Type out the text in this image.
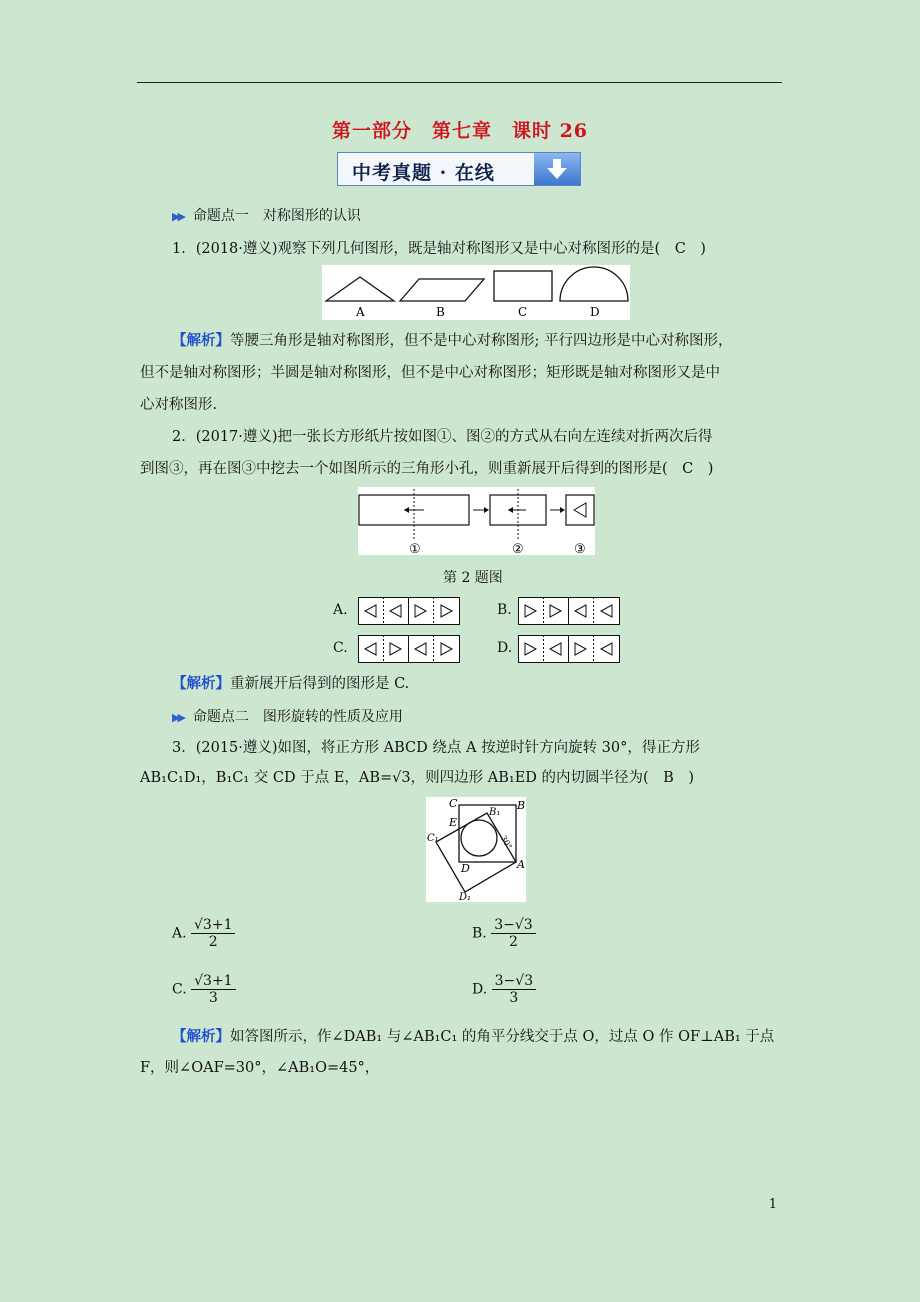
第一部分　第七章　课时 26
中考真题 · 在线
▶▶ 命题点一　对称图形的认识
1．(2018·遵义)观察下列几何图形，既是轴对称图形又是中心对称图形的是(　C　)
A	B	C	D
【解析】等腰三角形是轴对称图形，但不是中心对称图形; 平行四边形是中心对称图形，
但不是轴对称图形；半圆是轴对称图形，但不是中心对称图形；矩形既是轴对称图形又是中
心对称图形.
2．(2017·遵义)把一张长方形纸片按如图①、图②的方式从右向左连续对折两次后得
到图③，再在图③中挖去一个如图所示的三角形小孔，则重新展开后得到的图形是(　C　)
①	②	③
第 2 题图
A.	B.
C.	D.
【解析】重新展开后得到的图形是 C.
▶▶ 命题点二　图形旋转的性质及应用
3．(2015·遵义)如图，将正方形 ABCD 绕点 A 按逆时针方向旋转 30°，得正方形
AB₁C₁D₁，B₁C₁ 交 CD 于点 E，AB=√3，则四边形 AB₁ED 的内切圆半径为(　B　)
C	B
B₁
E
C₁
D	A
D₁
30°
A. $\frac{√3+1}{2}$	B. $\frac{3-√3}{2}$
C. $\frac{√3+1}{3}$	D. $\frac{3-√3}{3}$
【解析】如答图所示，作∠DAB₁ 与∠AB₁C₁ 的角平分线交于点 O，过点 O 作 OF⊥AB₁ 于点
F，则∠OAF=30°，∠AB₁O=45°，
1
